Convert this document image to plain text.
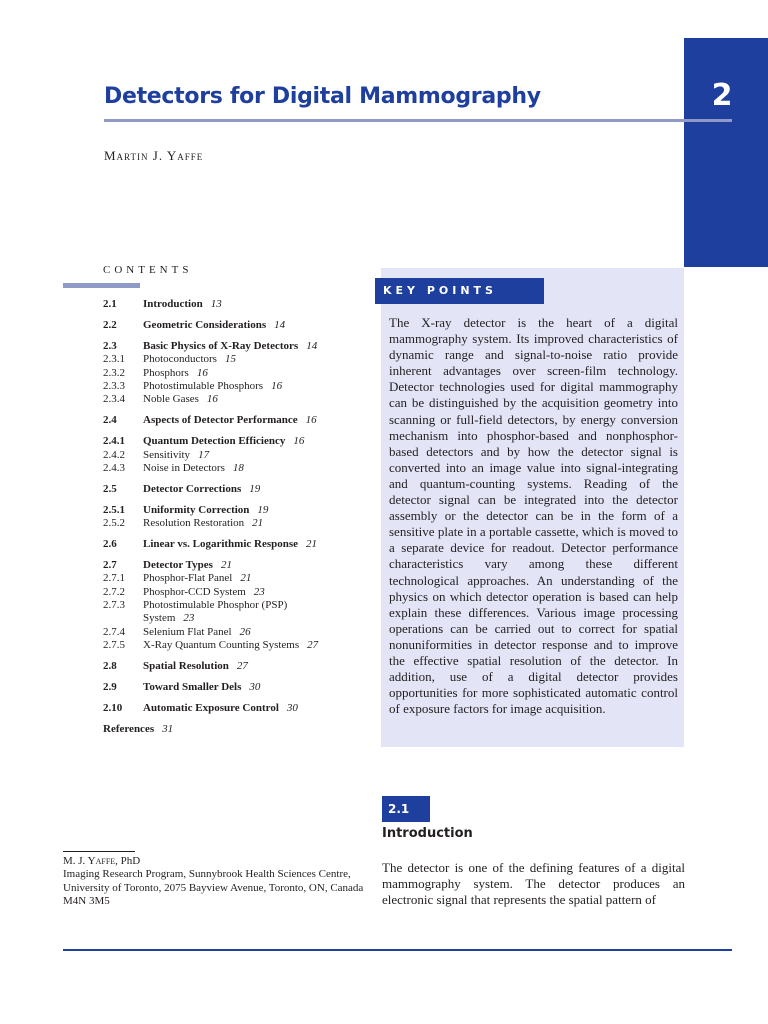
2
Detectors for Digital Mammography
Martin J. Yaffe
CONTENTS
2.1 Introduction 13
2.2 Geometric Considerations 14
2.3 Basic Physics of X-Ray Detectors 14
2.3.1 Photoconductors 15
2.3.2 Phosphors 16
2.3.3 Photostimulable Phosphors 16
2.3.4 Noble Gases 16
2.4 Aspects of Detector Performance 16
2.4.1 Quantum Detection Efficiency 16
2.4.2 Sensitivity 17
2.4.3 Noise in Detectors 18
2.5 Detector Corrections 19
2.5.1 Uniformity Correction 19
2.5.2 Resolution Restoration 21
2.6 Linear vs. Logarithmic Response 21
2.7 Detector Types 21
2.7.1 Phosphor-Flat Panel 21
2.7.2 Phosphor-CCD System 23
2.7.3 Photostimulable Phosphor (PSP)
System 23
2.7.4 Selenium Flat Panel 26
2.7.5 X-Ray Quantum Counting Systems 27
2.8 Spatial Resolution 27
2.9 Toward Smaller Dels 30
2.10 Automatic Exposure Control 30
References 31
KEY POINTS
The X-ray detector is the heart of a digital mammography system. Its improved characteristics of dynamic range and signal-to-noise ratio provide inherent advantages over screen-film technology. Detector technologies used for digital mammography can be distinguished by the acquisition geometry into scanning or full-field detectors, by energy conversion mechanism into phosphor-based and nonphosphor-based detectors and by how the detector signal is converted into an image value into signal-integrating and quantum-counting systems. Reading of the detector signal can be integrated into the detector assembly or the detector can be in the form of a sensitive plate in a portable cassette, which is moved to a separate device for readout. Detector performance characteristics vary among these different technological approaches. An understanding of the physics on which detector operation is based can help explain these differences. Various image processing operations can be carried out to correct for spatial nonuniformities in detector response and to improve the effective spatial resolution of the detector. In addition, use of a digital detector provides opportunities for more sophisticated automatic control of exposure factors for image acquisition.
2.1
Introduction
The detector is one of the defining features of a digital mammography system. The detector produces an electronic signal that represents the spatial pattern of
M. J. Yaffe, PhD
Imaging Research Program, Sunnybrook Health Sciences Centre, University of Toronto, 2075 Bayview Avenue, Toronto, ON, Canada M4N 3M5
